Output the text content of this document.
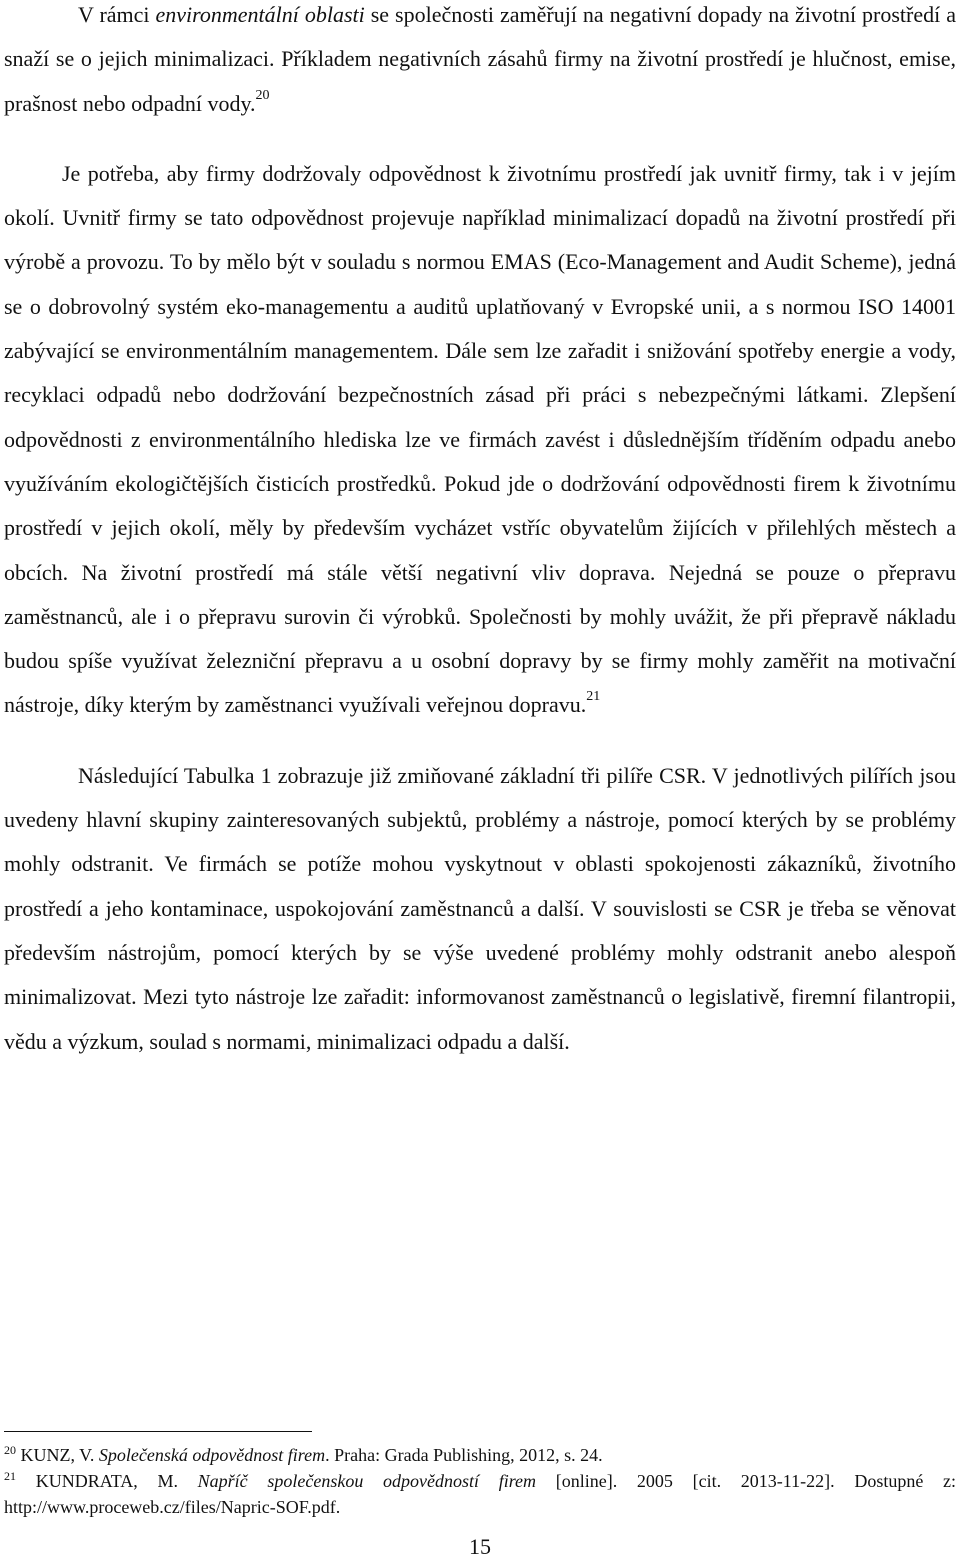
V rámci environmentální oblasti se společnosti zaměřují na negativní dopady na životní prostředí a snaží se o jejich minimalizaci. Příkladem negativních zásahů firmy na životní prostředí je hlučnost, emise, prašnost nebo odpadní vody.$^{20}$

Je potřeba, aby firmy dodržovaly odpovědnost k životnímu prostředí jak uvnitř firmy, tak i v jejím okolí. Uvnitř firmy se tato odpovědnost projevuje například minimalizací dopadů na životní prostředí při výrobě a provozu. To by mělo být v souladu s normou EMAS (Eco-Management and Audit Scheme), jedná se o dobrovolný systém eko-managementu a auditů uplatňovaný v Evropské unii, a s normou ISO 14001 zabývající se environmentálním managementem. Dále sem lze zařadit i snižování spotřeby energie a vody, recyklaci odpadů nebo dodržování bezpečnostních zásad při práci s nebezpečnými látkami. Zlepšení odpovědnosti z environmentálního hlediska lze ve firmách zavést i důslednějším tříděním odpadu anebo využíváním ekologičtějších čisticích prostředků. Pokud jde o dodržování odpovědnosti firem k životnímu prostředí v jejich okolí, měly by především vycházet vstříc obyvatelům žijících v přilehlých městech a obcích. Na životní prostředí má stále větší negativní vliv doprava. Nejedná se pouze o přepravu zaměstnanců, ale i o přepravu surovin či výrobků. Společnosti by mohly uvážit, že při přepravě nákladu budou spíše využívat železniční přepravu a u osobní dopravy by se firmy mohly zaměřit na motivační nástroje, díky kterým by zaměstnanci využívali veřejnou dopravu.$^{21}$

Následující Tabulka 1 zobrazuje již zmiňované základní tři pilíře CSR. V jednotlivých pilířích jsou uvedeny hlavní skupiny zainteresovaných subjektů, problémy a nástroje, pomocí kterých by se problémy mohly odstranit. Ve firmách se potíže mohou vyskytnout v oblasti spokojenosti zákazníků, životního prostředí a jeho kontaminace, uspokojování zaměstnanců a další. V souvislosti se CSR je třeba se věnovat především nástrojům, pomocí kterých by se výše uvedené problémy mohly odstranit anebo alespoň minimalizovat. Mezi tyto nástroje lze zařadit: informovanost zaměstnanců o legislativě, firemní filantropii, vědu a výzkum, soulad s normami, minimalizaci odpadu a další.

$^{20}$ KUNZ, V. Společenská odpovědnost firem. Praha: Grada Publishing, 2012, s. 24.

$^{21}$ KUNDRATA, M. Napříč společenskou odpovědností firem [online]. 2005 [cit. 2013-11-22]. Dostupné z: http://www.proceweb.cz/files/Napric-SOF.pdf.

15
